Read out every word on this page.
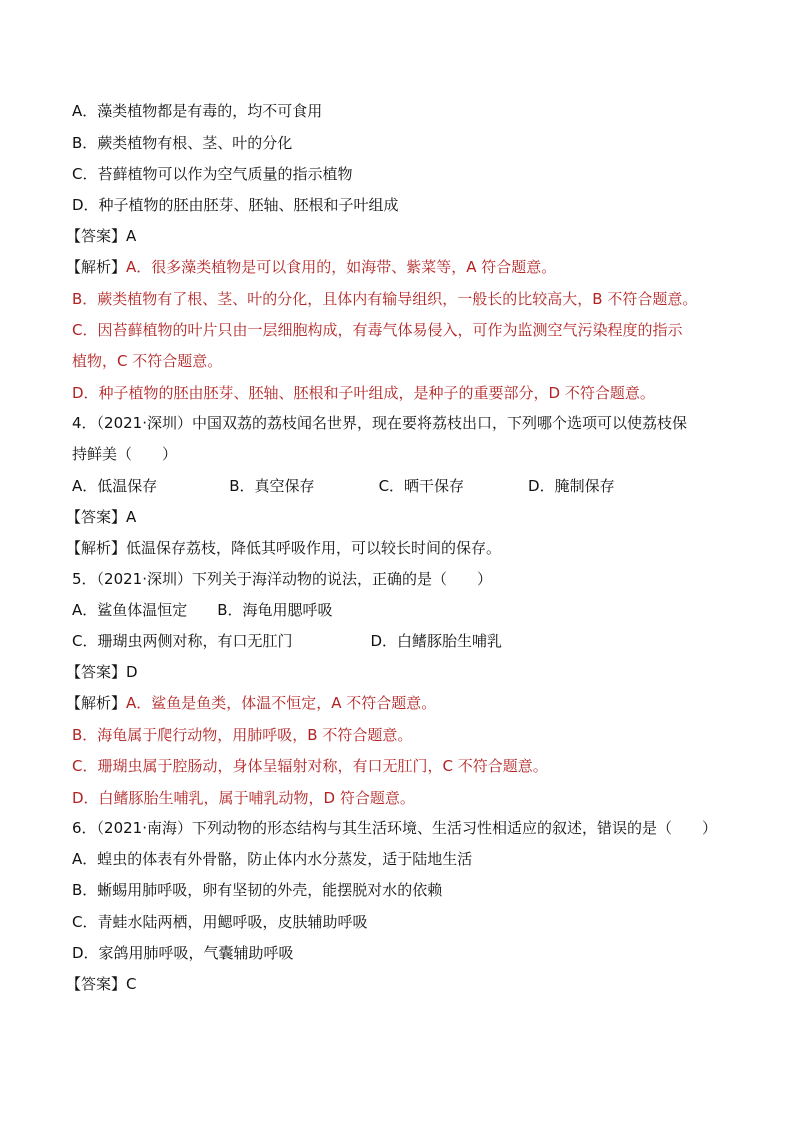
A．藻类植物都是有毒的，均不可食用
B．蕨类植物有根、茎、叶的分化
C．苔藓植物可以作为空气质量的指示植物
D．种子植物的胚由胚芽、胚轴、胚根和子叶组成
【答案】A
【解析】A．很多藻类植物是可以食用的，如海带、紫菜等，A 符合题意。
B．蕨类植物有了根、茎、叶的分化，且体内有输导组织，一般长的比较高大，B 不符合题意。
C．因苔藓植物的叶片只由一层细胞构成，有毒气体易侵入，可作为监测空气污染程度的指示
植物，C 不符合题意。
D．种子植物的胚由胚芽、胚轴、胚根和子叶组成，是种子的重要部分，D 不符合题意。
4．（2021·深圳）中国双荔的荔枝闻名世界，现在要将荔枝出口，下列哪个选项可以使荔枝保
持鲜美（　　）
A．低温保存	B．真空保存	C．晒干保存	D．腌制保存
【答案】A
【解析】低温保存荔枝，降低其呼吸作用，可以较长时间的保存。
5．（2021·深圳）下列关于海洋动物的说法，正确的是（　　）
A．鲨鱼体温恒定 B．海龟用腮呼吸
C．珊瑚虫两侧对称，有口无肛门	D．白鳍豚胎生哺乳
【答案】D
【解析】A．鲨鱼是鱼类，体温不恒定，A 不符合题意。
B．海龟属于爬行动物，用肺呼吸，B 不符合题意。
C．珊瑚虫属于腔肠动，身体呈辐射对称，有口无肛门，C 不符合题意。
D．白鳍豚胎生哺乳，属于哺乳动物，D 符合题意。
6．（2021·南海）下列动物的形态结构与其生活环境、生活习性相适应的叙述，错误的是（　　）
A．蝗虫的体表有外骨骼，防止体内水分蒸发，适于陆地生活
B．蜥蜴用肺呼吸，卵有坚韧的外壳，能摆脱对水的依赖
C．青蛙水陆两栖，用鳃呼吸，皮肤辅助呼吸
D．家鸽用肺呼吸，气囊辅助呼吸
【答案】C
